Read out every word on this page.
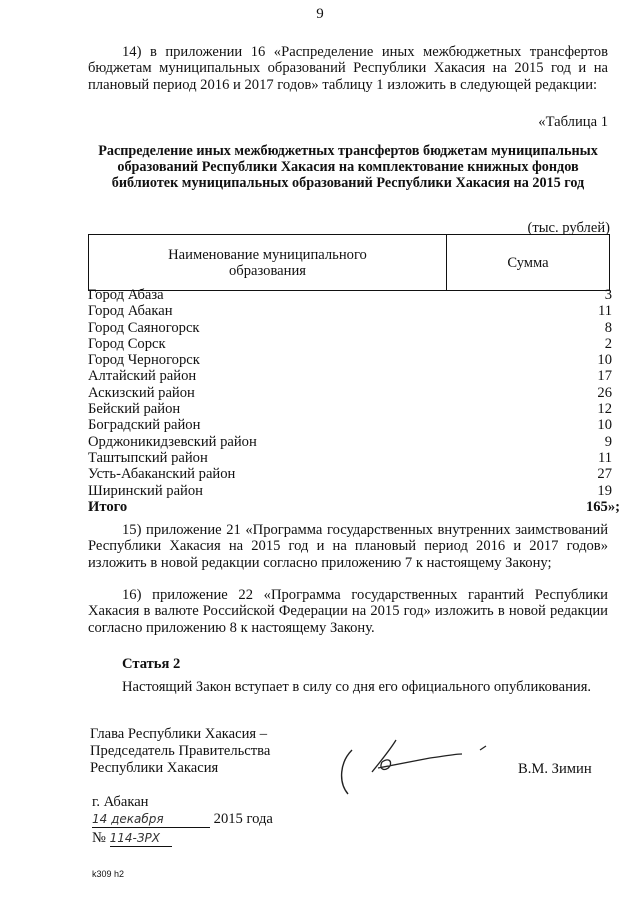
9
14) в приложении 16 «Распределение иных межбюджетных трансфертов бюджетам муниципальных образований Республики Хакасия на 2015 год и на плановый период 2016 и 2017 годов» таблицу 1 изложить в следующей редакции:
«Таблица 1
Распределение иных межбюджетных трансфертов бюджетам муниципальных образований Республики Хакасия на комплектование книжных фондов библиотек муниципальных образований Республики Хакасия на 2015 год
(тыс. рублей)
Наименование муниципального образования	Сумма
Город Абаза	3
Город Абакан	11
Город Саяногорск	8
Город Сорск	2
Город Черногорск	10
Алтайский район	17
Аскизский район	26
Бейский район	12
Боградский район	10
Орджоникидзевский район	9
Таштыпский район	11
Усть-Абаканский район	27
Ширинский район	19
Итого	165»;
15) приложение 21 «Программа государственных внутренних заимствований Республики Хакасия на 2015 год и на плановый период 2016 и 2017 годов» изложить в новой редакции согласно приложению 7 к настоящему Закону;
16) приложение 22 «Программа государственных гарантий Республики Хакасия в валюте Российской Федерации на 2015 год» изложить в новой редакции согласно приложению 8 к настоящему Закону.
Статья 2
Настоящий Закон вступает в силу со дня его официального опубликования.
Глава Республики Хакасия –
Председатель Правительства
Республики Хакасия	В.М. Зимин
г. Абакан
14 декабря	2015 года
№ 114-ЗРХ
k309 h2
